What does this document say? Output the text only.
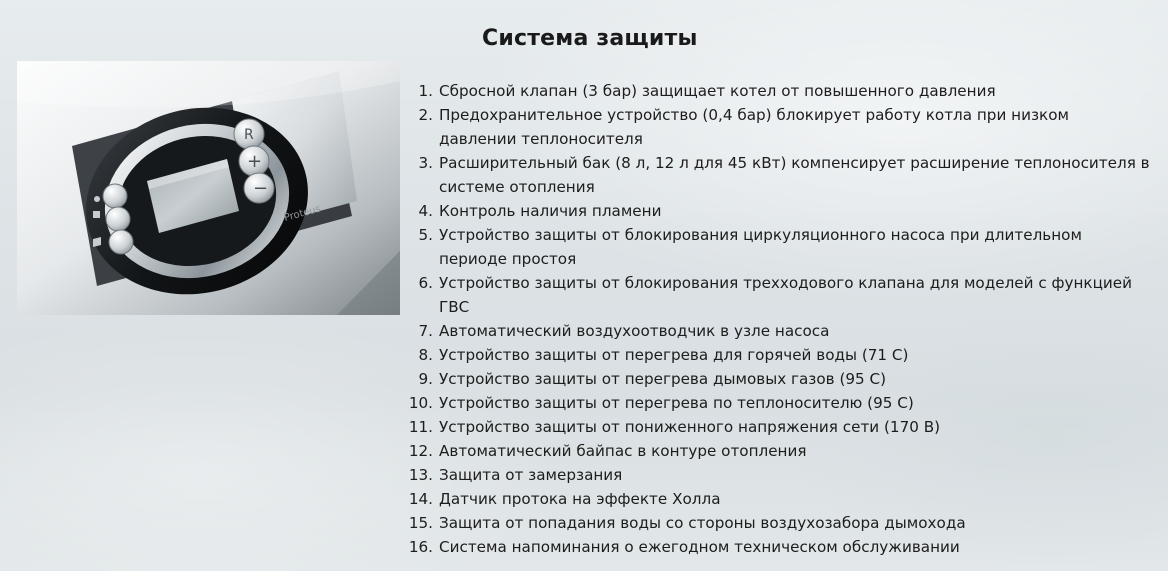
Система защиты
R
+
−
Proteus
1. Сбросной клапан (3 бар) защищает котел от повышенного давления
2. Предохранительное устройство (0,4 бар) блокирует работу котла при низком давлении теплоносителя
3. Расширительный бак (8 л, 12 л для 45 кВт) компенсирует расширение теплоносителя в системе отопления
4. Контроль наличия пламени
5. Устройство защиты от блокирования циркуляционного насоса при длительном периоде простоя
6. Устройство защиты от блокирования трехходового клапана для моделей с функцией ГВС
7. Автоматический воздухоотводчик в узле насоса
8. Устройство защиты от перегрева для горячей воды (71 С)
9. Устройство защиты от перегрева дымовых газов (95 С)
10. Устройство защиты от перегрева по теплоносителю (95 С)
11. Устройство защиты от пониженного напряжения сети (170 В)
12. Автоматический байпас в контуре отопления
13. Защита от замерзания
14. Датчик протока на эффекте Холла
15. Защита от попадания воды со стороны воздухозабора дымохода
16. Система напоминания о ежегодном техническом обслуживании
